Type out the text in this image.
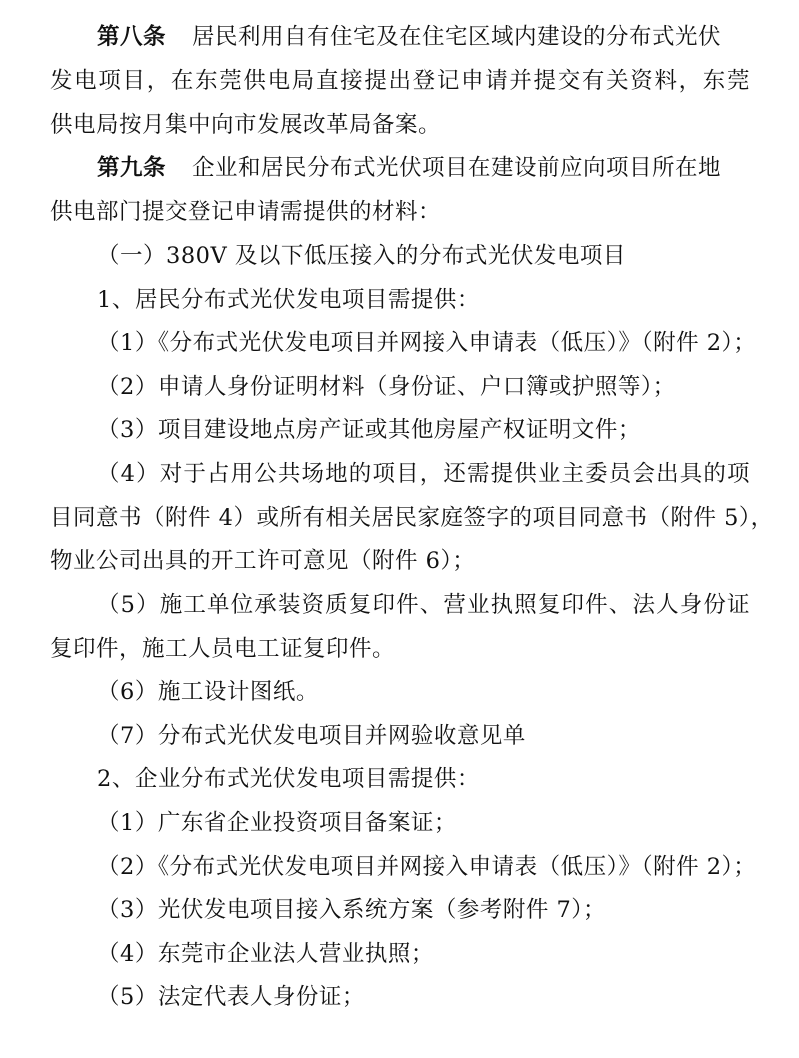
第八条 居民利用自有住宅及在住宅区域内建设的分布式光伏
发电项目，在东莞供电局直接提出登记申请并提交有关资料，东莞
供电局按月集中向市发展改革局备案。
第九条 企业和居民分布式光伏项目在建设前应向项目所在地
供电部门提交登记申请需提供的材料：
（一）380V 及以下低压接入的分布式光伏发电项目
1、居民分布式光伏发电项目需提供：
（1）《分布式光伏发电项目并网接入申请表（低压）》（附件 2）；
（2）申请人身份证明材料（身份证、户口簿或护照等）；
（3）项目建设地点房产证或其他房屋产权证明文件；
（4）对于占用公共场地的项目，还需提供业主委员会出具的项
目同意书（附件 4）或所有相关居民家庭签字的项目同意书（附件 5），
物业公司出具的开工许可意见（附件 6）；
（5）施工单位承装资质复印件、营业执照复印件、法人身份证
复印件，施工人员电工证复印件。
（6）施工设计图纸。
（7）分布式光伏发电项目并网验收意见单
2、企业分布式光伏发电项目需提供：
（1）广东省企业投资项目备案证；
（2）《分布式光伏发电项目并网接入申请表（低压）》（附件 2）；
（3）光伏发电项目接入系统方案（参考附件 7）；
（4）东莞市企业法人营业执照；
（5）法定代表人身份证；
